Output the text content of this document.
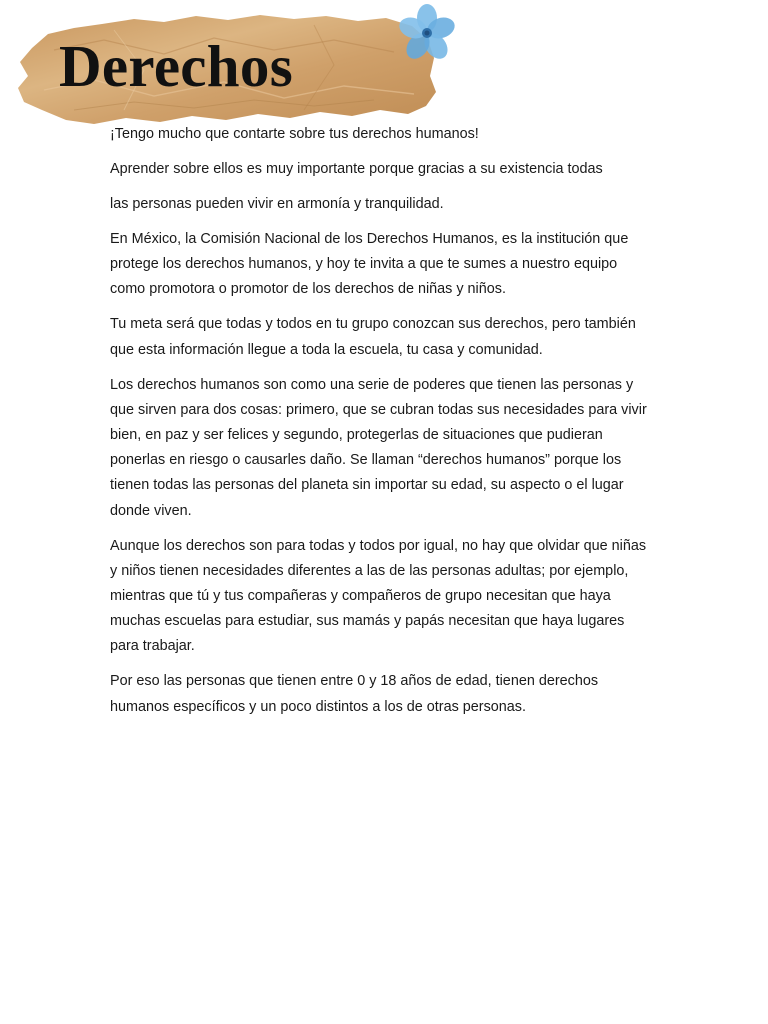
Derechos

¡Tengo mucho que contarte sobre tus derechos humanos!

Aprender sobre ellos es muy importante porque gracias a su existencia todas

las personas pueden vivir en armonía y tranquilidad.

En México, la Comisión Nacional de los Derechos Humanos, es la institución que protege los derechos humanos, y hoy te invita a que te sumes a nuestro equipo como promotora o promotor de los derechos de niñas y niños.

Tu meta será que todas y todos en tu grupo conozcan sus derechos, pero también que esta información llegue a toda la escuela, tu casa y comunidad.

Los derechos humanos son como una serie de poderes que tienen las personas y que sirven para dos cosas: primero, que se cubran todas sus necesidades para vivir bien, en paz y ser felices y segundo, protegerlas de situaciones que pudieran ponerlas en riesgo o causarles daño. Se llaman “derechos humanos” porque los tienen todas las personas del planeta sin importar su edad, su aspecto o el lugar donde viven.

Aunque los derechos son para todas y todos por igual, no hay que olvidar que niñas y niños tienen necesidades diferentes a las de las personas adultas; por ejemplo, mientras que tú y tus compañeras y compañeros de grupo necesitan que haya muchas escuelas para estudiar, sus mamás y papás necesitan que haya lugares para trabajar.

Por eso las personas que tienen entre 0 y 18 años de edad, tienen derechos humanos específicos y un poco distintos a los de otras personas.
